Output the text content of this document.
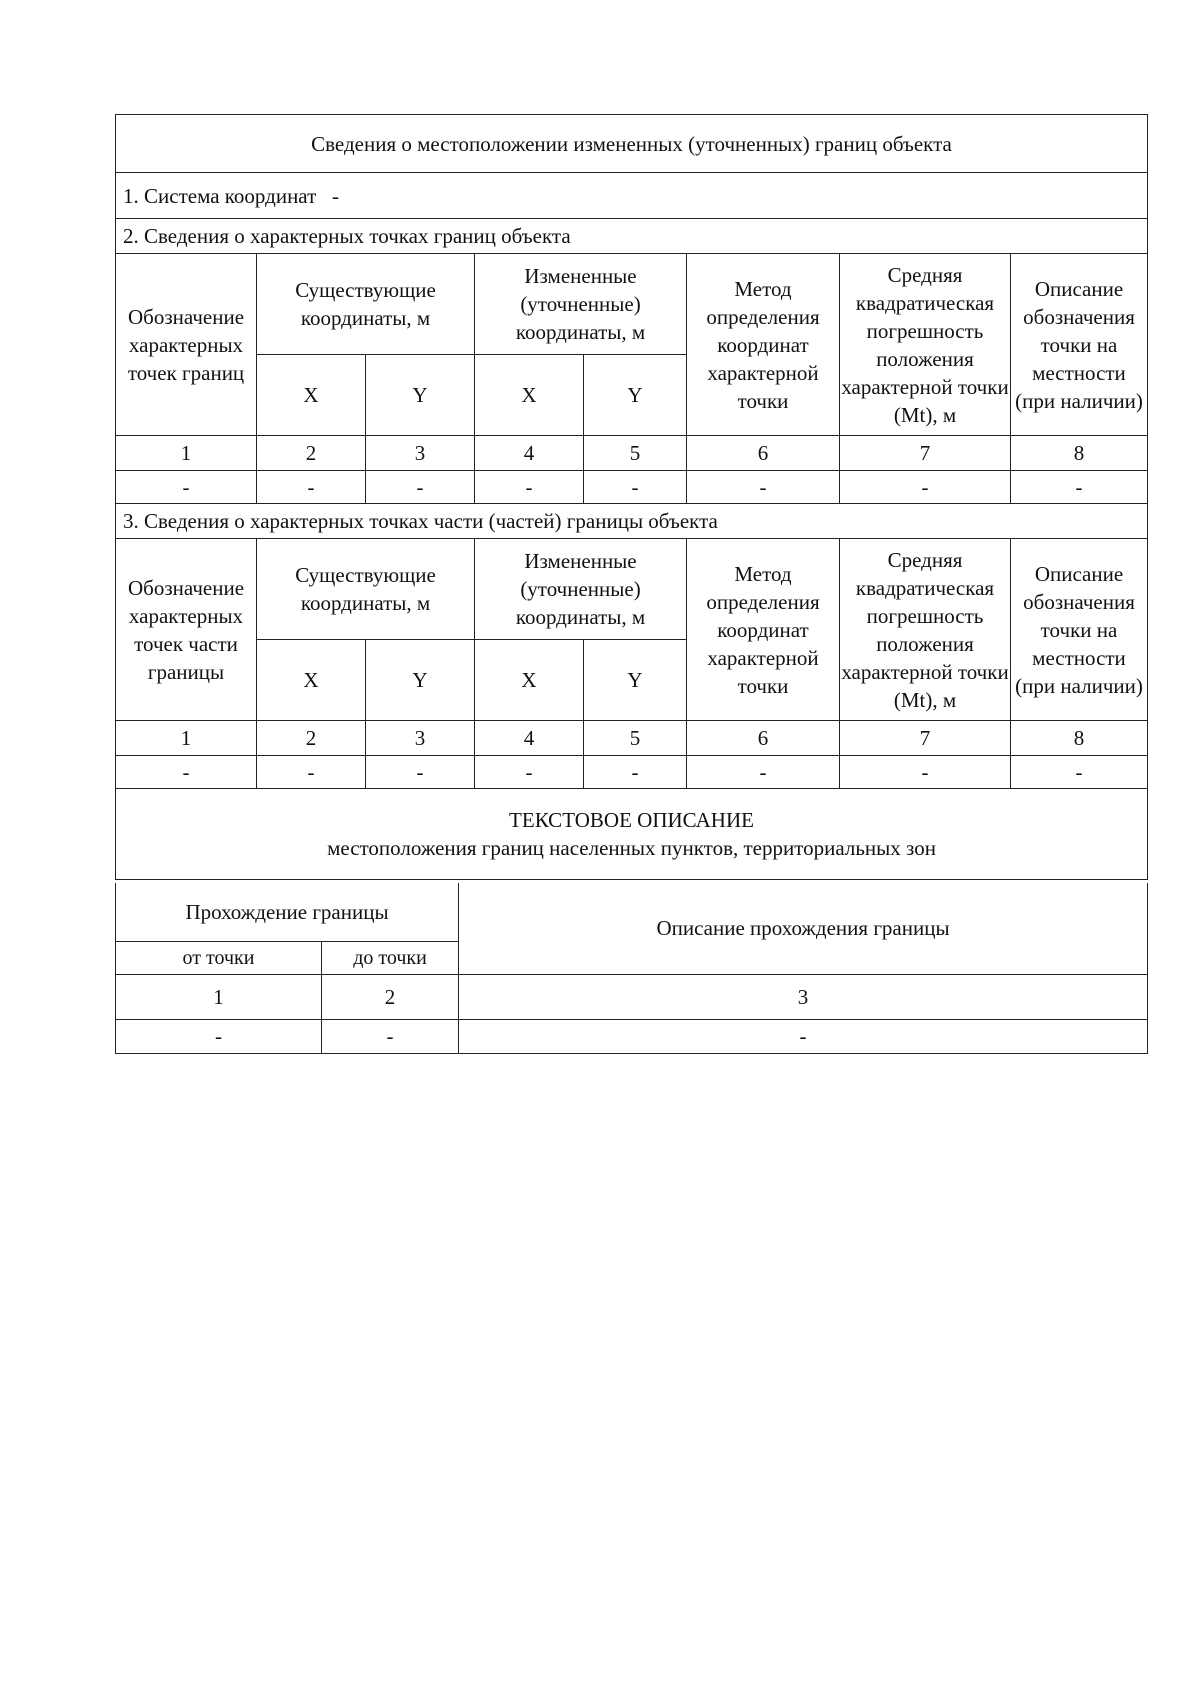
Сведения о местоположении измененных (уточненных) границ объекта							
1. Система координат -							
2. Сведения о характерных точках границ объекта							
Обозначение характерных точек границ	Существующие координаты, м		Измененные (уточненные) координаты, м		Метод определения координат характерной точки	Средняя квадратическая погрешность положения характерной точки (Mt), м	Описание обозначения точки на местности (при наличии)
	X	Y	X	Y			
1	2	3	4	5	6	7	8
-	-	-	-	-	-	-	-
3. Сведения о характерных точках части (частей) границы объекта							
Обозначение характерных точек части границы	Существующие координаты, м		Измененные (уточненные) координаты, м		Метод определения координат характерной точки	Средняя квадратическая погрешность положения характерной точки (Mt), м	Описание обозначения точки на местности (при наличии)
	X	Y	X	Y			
1	2	3	4	5	6	7	8
-	-	-	-	-	-	-	-

ТЕКСТОВОЕ ОПИСАНИЕ
местоположения границ населенных пунктов, территориальных зон							
Прохождение границы		Описание прохождения границы
от точки	до точки	
1	2	3
-	-	-
